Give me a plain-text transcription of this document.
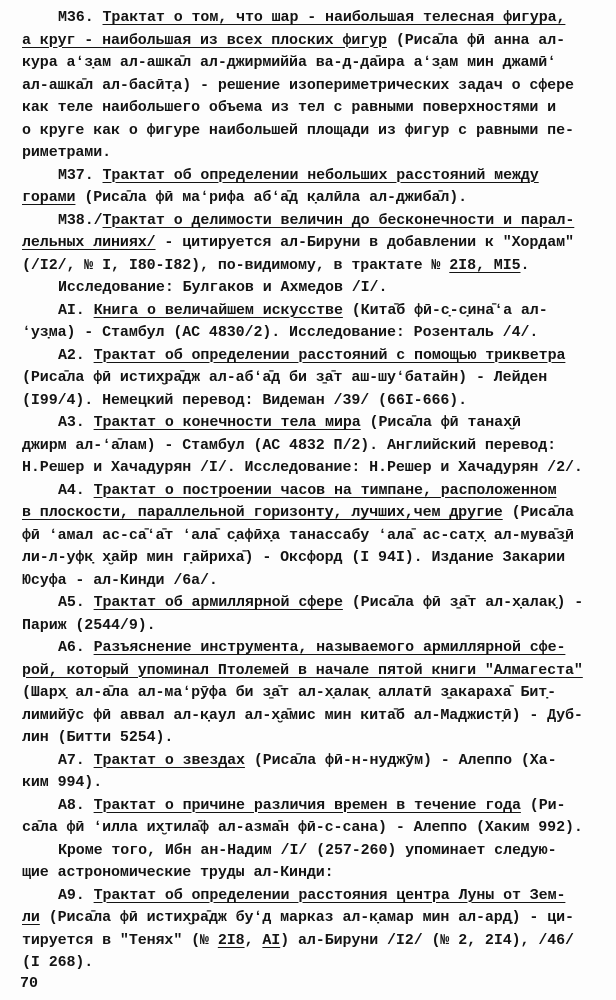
М36. Трактат о том, что шар - наибольшая телесная фигура,
а круг - наибольшая из всех плоских фигур (Риса̄ла фӣ анна ал-
кура аʻз̣ам ал-ашка̄л ал-джирмиййа ва-д-да̄ира аʻз̣ам мин джамӣʻ
ал-ашка̄л ал-басӣт̣а) - решение изопериметрических задач о сфере
как теле наибольшего объема из тел с равными поверхностями и
о круге как о фигуре наибольшей площади из фигур с равными пе-
риметрами.
М37. Трактат об определении небольших расстояний между
горами (Риса̄ла фӣ маʻрифа абʻа̄д к̣алӣла ал-джиба̄л).
М38./Трактат о делимости величин до бесконечности и парал-
лельных линиях/ - цитируется ал-Бируни в добавлении к "Хордам"
(/I2/, № I, I80-I82), по-видимому, в трактате № 2I8, МI5.
Исследование: Булгаков и Ахмедов /I/.
AI. Книга о величайшем искусстве (Кита̄б фӣ-с̣-с̣ина̄ʻа ал-
ʻуз̣ма) - Стамбул (АС 4830/2). Исследование: Розенталь /4/.
А2. Трактат об определении расстояний с помощью трикветра
(Риса̄ла фӣ истих̮ра̄дж ал-абʻа̄д би з̱а̄т аш-шуʻбатайн) - Лейден
(I99/4). Немецкий перевод: Видеман /39/ (66I-666).
А3. Трактат о конечности тела мира (Риса̄ла фӣ танах̮ӣ
джирм ал-ʻа̄лам) - Стамбул (АС 4832 П/2). Английский перевод:
Н.Решер и Хачадурян /I/. Исследование: Н.Решер и Хачадурян /2/.
А4. Трактат о построении часов на тимпане, расположенном
в плоскости, параллельной горизонту, лучших,чем другие (Риса̄ла
фӣ ʻамал ас-са̄ʻа̄т ʻала̄ с̣афӣх̣а танассабу ʻала̄ ас-сат̣х̣ ал-мува̄з̱ӣ
ли-л-уфк̣ х̮айр мин г̣айриха̄) - Оксфорд (I 94I). Издание Закарии
Юсуфа - ал-Кинди /6а/.
А5. Трактат об армиллярной сфере (Риса̄ла фӣ з̱а̄т ал-х̣алак̣) -
Париж (2544/9).
А6. Разъяснение инструмента, называемого армиллярной сфе-
рой, который упоминал Птолемей в начале пятой книги "Алмагеста"
(Шарх̣ ал-а̄ла ал-маʻрӯфа би з̱а̄т ал-х̣алак̣ аллатӣ з̱акараха̄ Бит̣-
лимийӯс фӣ аввал ал-к̣аул ал-х̮а̄мис мин кита̄б ал-Маджист̣ӣ) - Дуб-
лин (Битти 5254).
А7. Трактат о звездах (Риса̄ла фӣ-н-нуджӯм) - Алеппо (Ха-
ким 994).
А8. Трактат о причине различия времен в течение года (Ри-
са̄ла фӣ ʻилла их̮тила̄ф ал-азма̄н фӣ-с-сана) - Алеппо (Хаким 992).
Кроме того, Ибн ан-Надим /I/ (257-260) упоминает следую-
щие астрономические труды ал-Кинди:
А9. Трактат об определении расстояния центра Луны от Зем-
ли (Риса̄ла фӣ истих̮ра̄дж буʻд марказ ал-к̣амар мин ал-ард̣) - ци-
тируется в "Тенях" (№ 2I8, АI) ал-Бируни /I2/ (№ 2, 2I4), /46/
(I 268).
70
